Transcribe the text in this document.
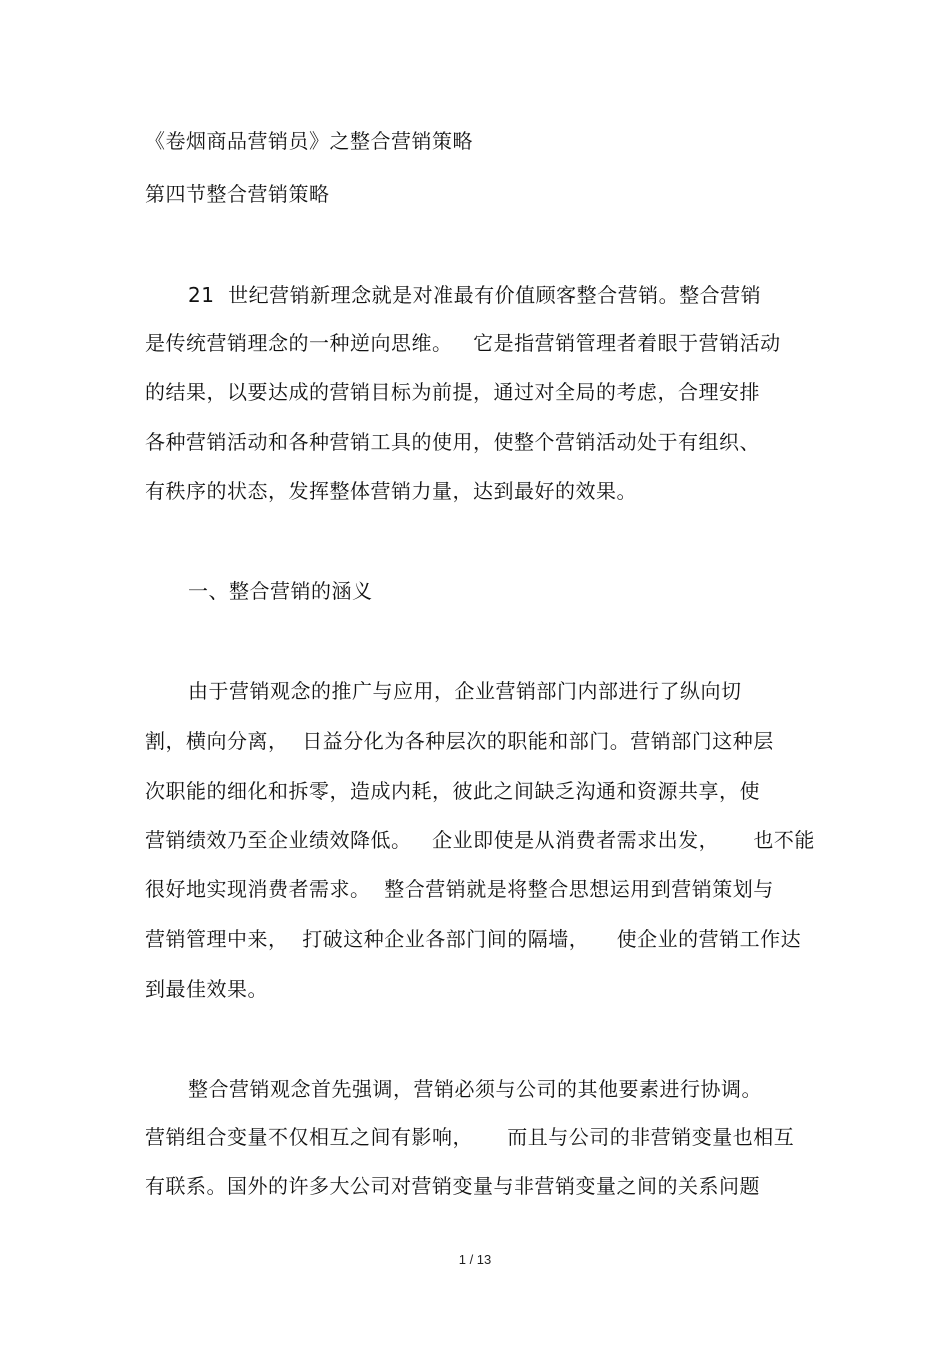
《卷烟商品营销员》之整合营销策略
第四节整合营销策略
21  世纪营销新理念就是对准最有价值顾客整合营销。整合营销
是传统营销理念的一种逆向思维。   它是指营销管理者着眼于营销活动
的结果，以要达成的营销目标为前提，通过对全局的考虑，合理安排
各种营销活动和各种营销工具的使用，使整个营销活动处于有组织、
有秩序的状态，发挥整体营销力量，达到最好的效果。
一、整合营销的涵义
由于营销观念的推广与应用，企业营销部门内部进行了纵向切
割，横向分离，  日益分化为各种层次的职能和部门。营销部门这种层
次职能的细化和拆零，造成内耗，彼此之间缺乏沟通和资源共享，使
营销绩效乃至企业绩效降低。   企业即使是从消费者需求出发，     也不能
很好地实现消费者需求。  整合营销就是将整合思想运用到营销策划与
营销管理中来，  打破这种企业各部门间的隔墙，    使企业的营销工作达
到最佳效果。
整合营销观念首先强调，营销必须与公司的其他要素进行协调。
营销组合变量不仅相互之间有影响，     而且与公司的非营销变量也相互
有联系。国外的许多大公司对营销变量与非营销变量之间的关系问题
1 / 13
